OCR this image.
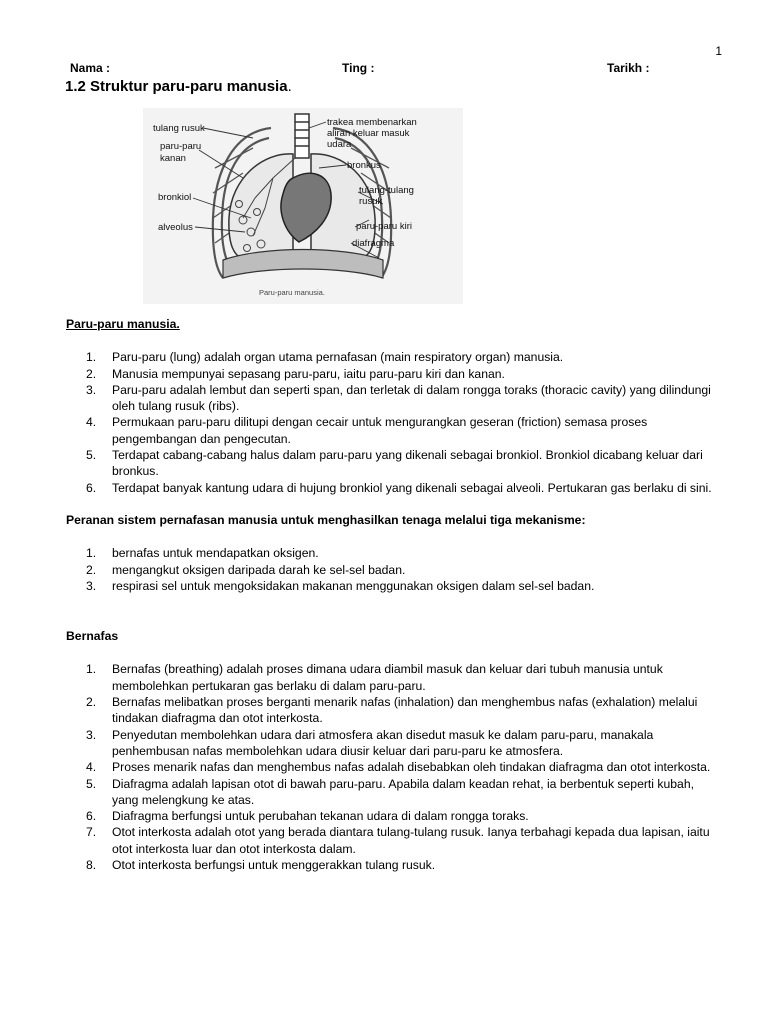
1
Nama :	Ting :	Tarikh :
1.2 Struktur paru-paru manusia.
tulang rusuk
paru-paru
kanan
bronkiol
alveolus
trakea membenarkan
aliran keluar masuk
udara
bronkus
tulang-tulang
rusuk
paru-paru kiri
diafragma
Paru-paru manusia.

Paru-paru manusia.

1. Paru-paru (lung) adalah organ utama pernafasan (main respiratory organ) manusia.
2. Manusia mempunyai sepasang paru-paru, iaitu paru-paru kiri dan kanan.
3. Paru-paru adalah lembut dan seperti span, dan terletak di dalam rongga toraks (thoracic cavity) yang dilindungi oleh tulang rusuk (ribs).
4. Permukaan paru-paru dilitupi dengan cecair untuk mengurangkan geseran (friction) semasa proses pengembangan dan pengecutan.
5. Terdapat cabang-cabang halus dalam paru-paru yang dikenali sebagai bronkiol. Bronkiol dicabang keluar dari bronkus.
6. Terdapat banyak kantung udara di hujung bronkiol yang dikenali sebagai alveoli. Pertukaran gas berlaku di sini.

Peranan sistem pernafasan manusia untuk menghasilkan tenaga melalui tiga mekanisme:

1. bernafas untuk mendapatkan oksigen.
2. mengangkut oksigen daripada darah ke sel-sel badan.
3. respirasi sel untuk mengoksidakan makanan menggunakan oksigen dalam sel-sel badan.

Bernafas

1. Bernafas (breathing) adalah proses dimana udara diambil masuk dan keluar dari tubuh manusia untuk membolehkan pertukaran gas berlaku di dalam paru-paru.
2. Bernafas melibatkan proses berganti menarik nafas (inhalation) dan menghembus nafas (exhalation) melalui tindakan diafragma dan otot interkosta.
3. Penyedutan membolehkan udara dari atmosfera akan disedut masuk ke dalam paru-paru, manakala penhembusan nafas membolehkan udara diusir keluar dari paru-paru ke atmosfera.
4. Proses menarik nafas dan menghembus nafas adalah disebabkan oleh tindakan diafragma dan otot interkosta.
5. Diafragma adalah lapisan otot di bawah paru-paru. Apabila dalam keadan rehat, ia berbentuk seperti kubah, yang melengkung ke atas.
6. Diafragma berfungsi untuk perubahan tekanan udara di dalam rongga toraks.
7. Otot interkosta adalah otot yang berada diantara tulang-tulang rusuk. Ianya terbahagi kepada dua lapisan, iaitu otot interkosta luar dan otot interkosta dalam.
8. Otot interkosta berfungsi untuk menggerakkan tulang rusuk.
